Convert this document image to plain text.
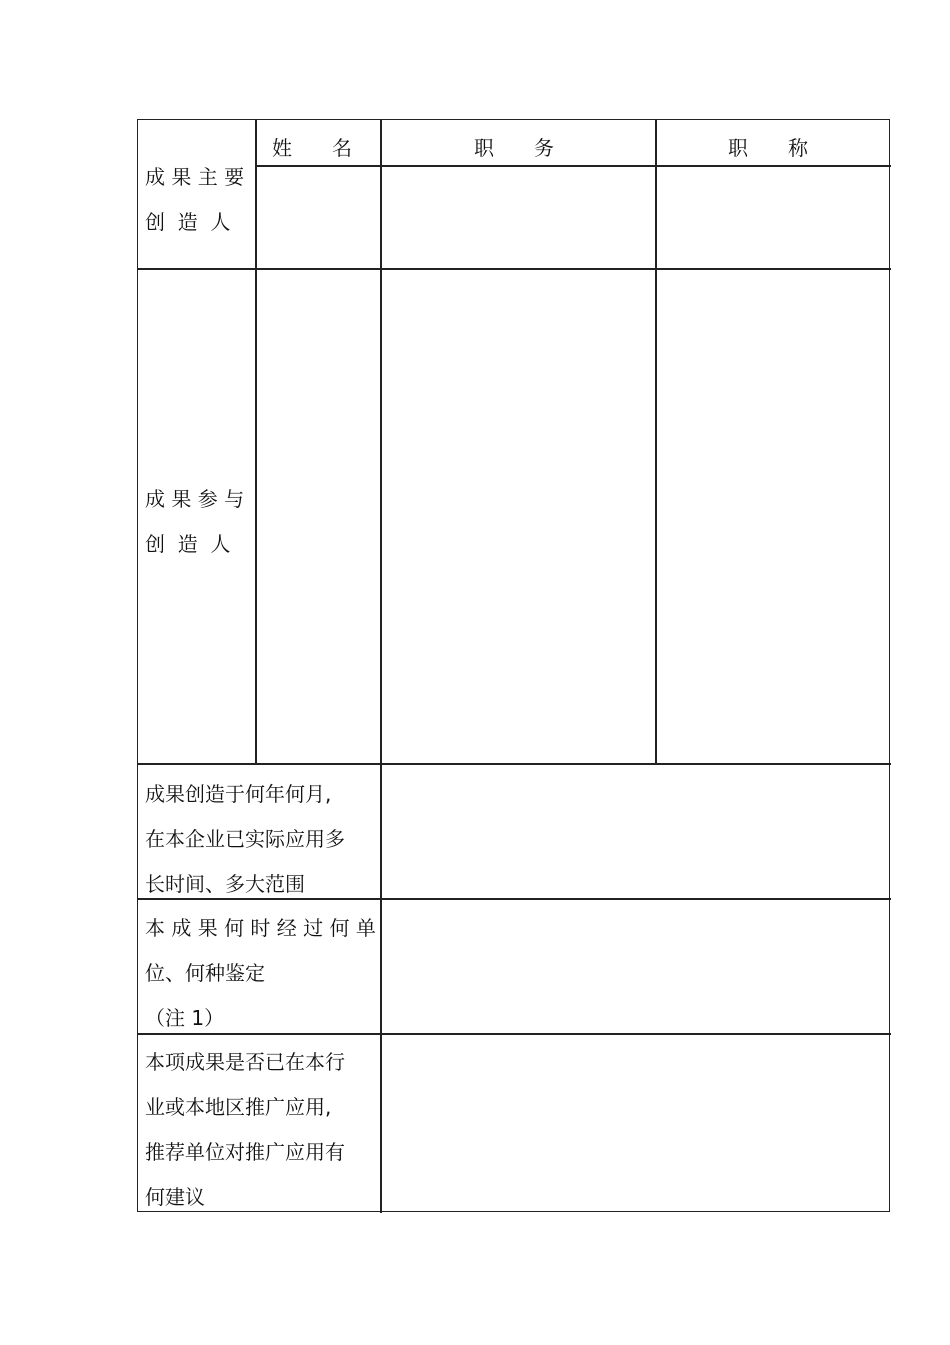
姓　　名	职　　务	职　　称
成 果 主 要
创  造  人
成 果 参 与
创  造  人
成果创造于何年何月,
在本企业已实际应用多
长时间、多大范围
本 成 果 何 时 经 过 何 单
位、何种鉴定
（注 1）
本项成果是否已在本行
业或本地区推广应用,
推荐单位对推广应用有
何建议
